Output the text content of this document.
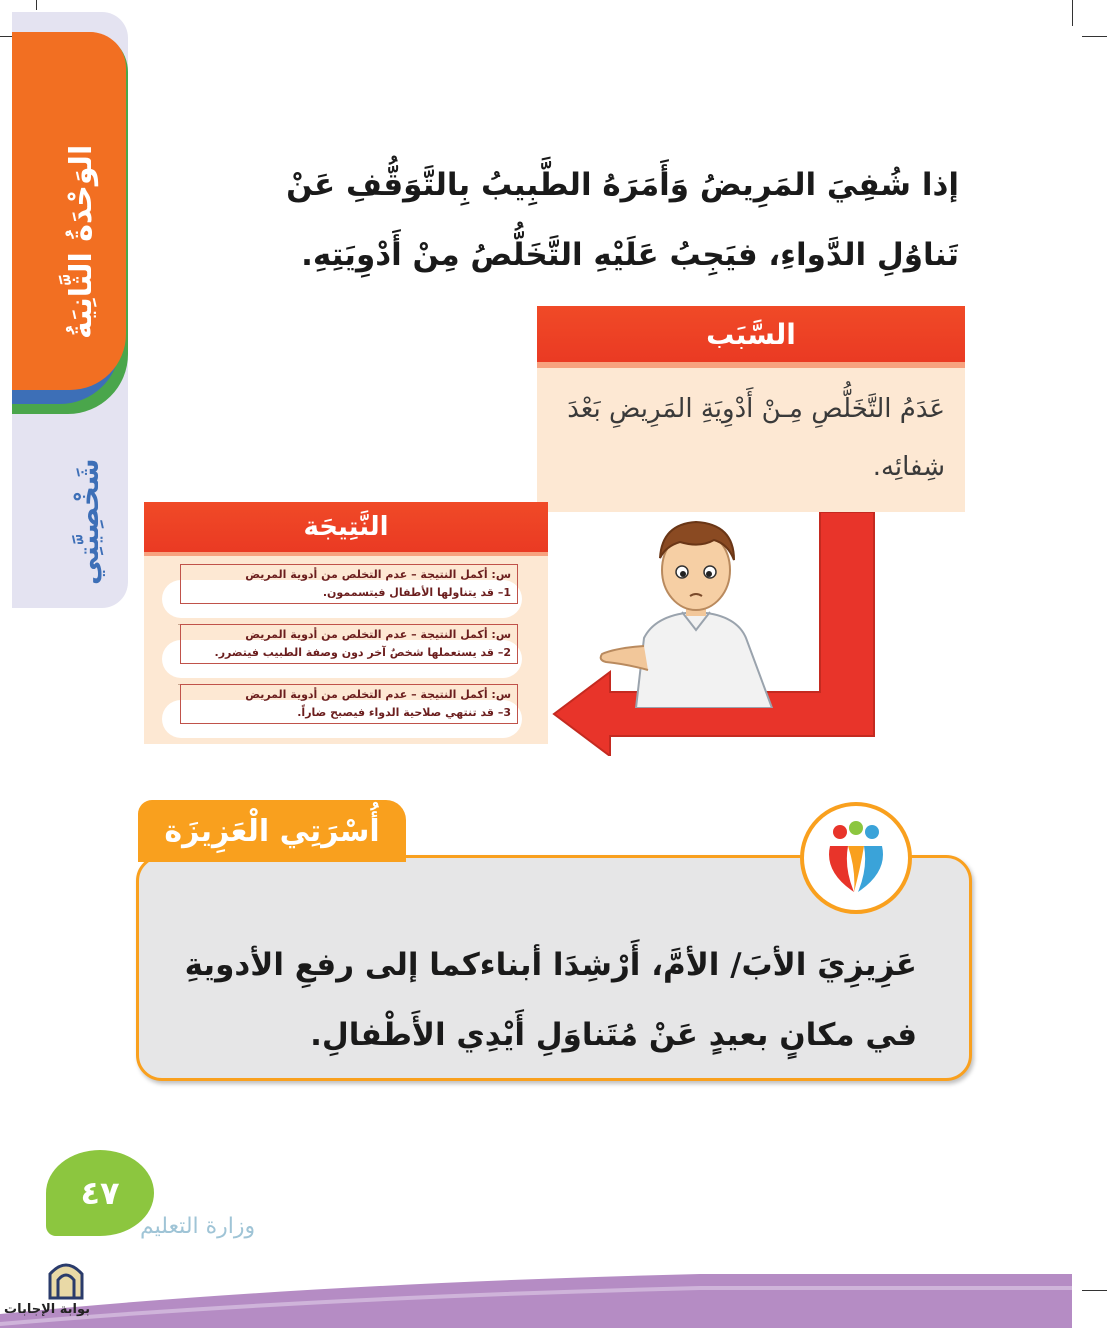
الوَحْدَةُ الثَّانِيَةُ
شَخْصِيَّتِي
إذا شُفِيَ المَرِيضُ وَأَمَرَهُ الطَّبِيبُ بِالتَّوَقُّفِ عَنْ تَناوُلِ الدَّواءِ، فيَجِبُ عَلَيْهِ التَّخَلُّصُ مِنْ أَدْوِيَتِهِ.
السَّبَب
عَدَمُ التَّخَلُّصِ مِـنْ أَدْوِيَةِ المَرِيضِ بَعْدَ شِفائِه.
النَّتِيجَة
س: أكمل النتيجة – عدم التخلص من أدوية المريض
1– قد يتناولها الأطفال فيتسممون.
س: أكمل النتيجة – عدم التخلص من أدوية المريض
2– قد يستعملها شخصٌ آخر دون وصفة الطبيب فيتضرر.
س: أكمل النتيجة – عدم التخلص من أدوية المريض
3– قد تنتهي صلاحية الدواء فيصبح ضاراً.
عَزِيزِيَ الأبَ/ الأمَّ، أَرْشِدَا أبناءكما إلى رفعِ الأدويةِ في مكانٍ بعيدٍ عَنْ مُتَناوَلِ أَيْدِي الأَطْفالِ.
أُسْرَتِي الْعَزِيزَة
٤٧
وزارة التعليم
بوابة الإجابات
